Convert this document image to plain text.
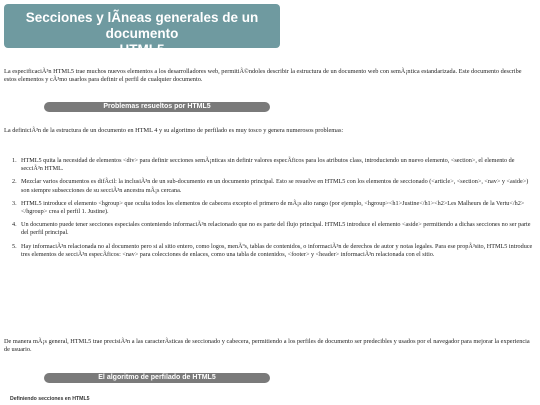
Secciones y lÃneas generales de un documento
HTML5

La especificaciÃ³n HTML5 trae muchos nuevos elementos a los desarrolladores web, permitiÃ©ndoles describir la estructura de un documento web con semÃ¡ntica estandarizada. Este documento describe estos elementos y cÃ³mo usarlos para definir el perfil de cualquier documento.

Problemas resueltos por HTML5

La definiciÃ³n de la estructura de un documento en HTML 4 y su algoritmo de perfilado es muy tosco y genera numerosos problemas:

1. HTML5 quita la necesidad de elementos <div> para definir secciones semÃ¡nticas sin definir valores especÃficos para los atributos class, introduciendo un nuevo elemento, <section>, el elemento de secciÃ³n HTML.
2. Mezclar varios documentos es difÃcil: la inclusiÃ³n de un sub-documento en un documento principal. Esto se resuelve en HTML5 con los elementos de seccionado (<article>, <section>, <nav> y <aside>) son siempre subsecciones de su secciÃ³n ancestra mÃ¡s cercana.
3. HTML5 introduce el elemento <hgroup> que oculta todos los elementos de cabecera excepto el primero de mÃ¡s alto rango (por ejemplo, <hgroup><h1>Justine</h1><h2>Les Malheurs de la Vertu</h2></hgroup> crea el perfil 1. Justine).
4. Un documento puede tener secciones especiales conteniendo informaciÃ³n relacionado que no es parte del flujo principal. HTML5 introduce el elemento <aside> permitiendo a dichas secciones no ser parte del perfil principal.
5. Hay informaciÃ³n relacionada no al documento pero si al sitio entero, como logos, menÃºs, tablas de contenidos, o informaciÃ³n de derechos de autor y notas legales. Para ese propÃ³sito, HTML5 introduce tres elementos de secciÃ³n especÃficos: <nav> para colecciones de enlaces, como una tabla de contenidos, <footer> y <header> informaciÃ³n relacionada con el sitio.

De manera mÃ¡s general, HTML5 trae precisiÃ³n a las caracterÃsticas de seccionado y cabecera, permitiendo a los perfiles de documento ser predecibles y usados por el navegador para mejorar la experiencia de usuario.

El algoritmo de perfilado de HTML5
Definiendo secciones en HTML5
